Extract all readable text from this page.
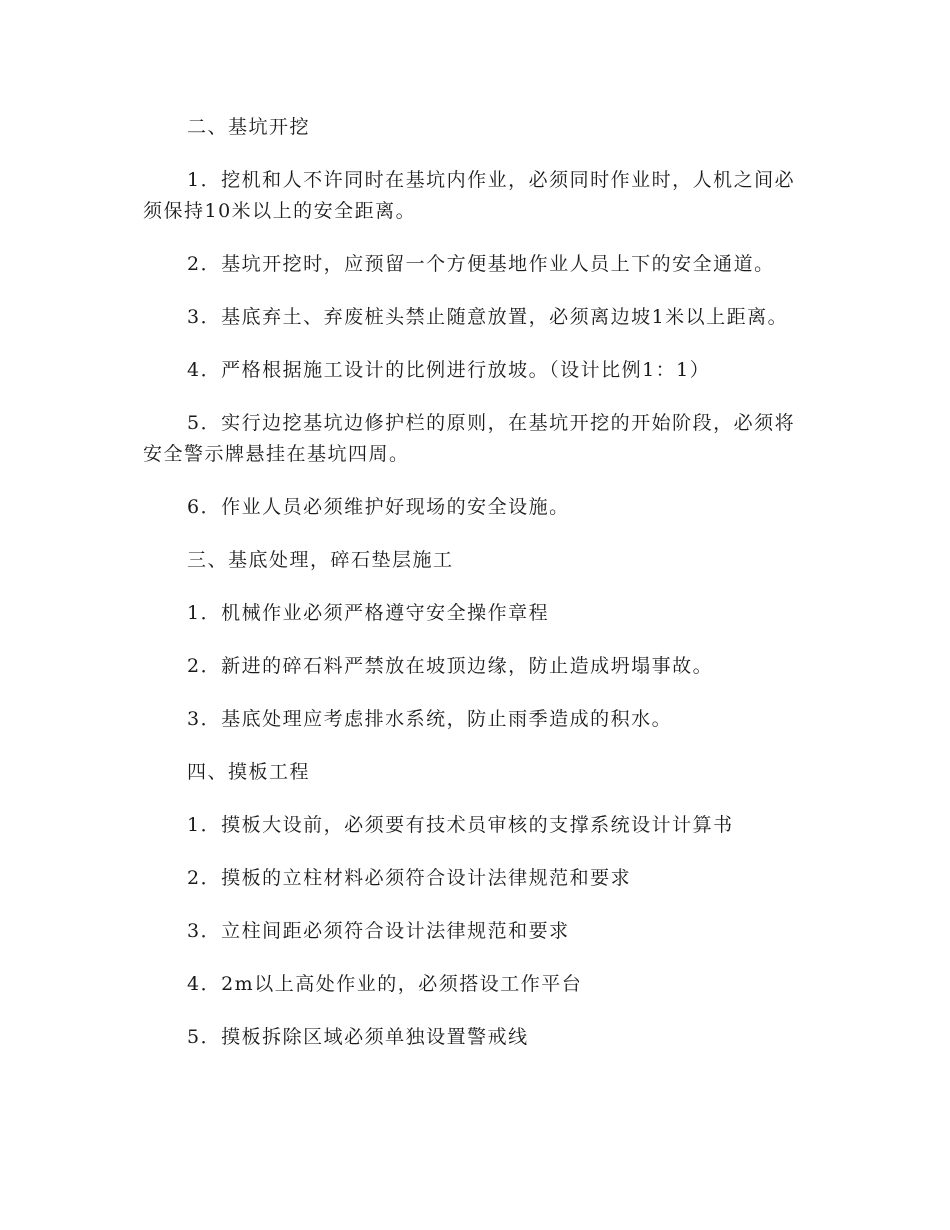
二、基坑开挖

1．挖机和人不许同时在基坑内作业，必须同时作业时，人机之间必须保持10米以上的安全距离。

2．基坑开挖时，应预留一个方便基地作业人员上下的安全通道。

3．基底弃土、弃废桩头禁止随意放置，必须离边坡1米以上距离。

4．严格根据施工设计的比例进行放坡。（设计比例1：1）

5．实行边挖基坑边修护栏的原则，在基坑开挖的开始阶段，必须将安全警示牌悬挂在基坑四周。

6．作业人员必须维护好现场的安全设施。

三、基底处理，碎石垫层施工

1．机械作业必须严格遵守安全操作章程

2．新进的碎石料严禁放在坡顶边缘，防止造成坍塌事故。

3．基底处理应考虑排水系统，防止雨季造成的积水。

四、摸板工程

1．摸板大设前，必须要有技术员审核的支撑系统设计计算书

2．摸板的立柱材料必须符合设计法律规范和要求

3．立柱间距必须符合设计法律规范和要求

4．2m以上高处作业的，必须搭设工作平台

5．摸板拆除区域必须单独设置警戒线
